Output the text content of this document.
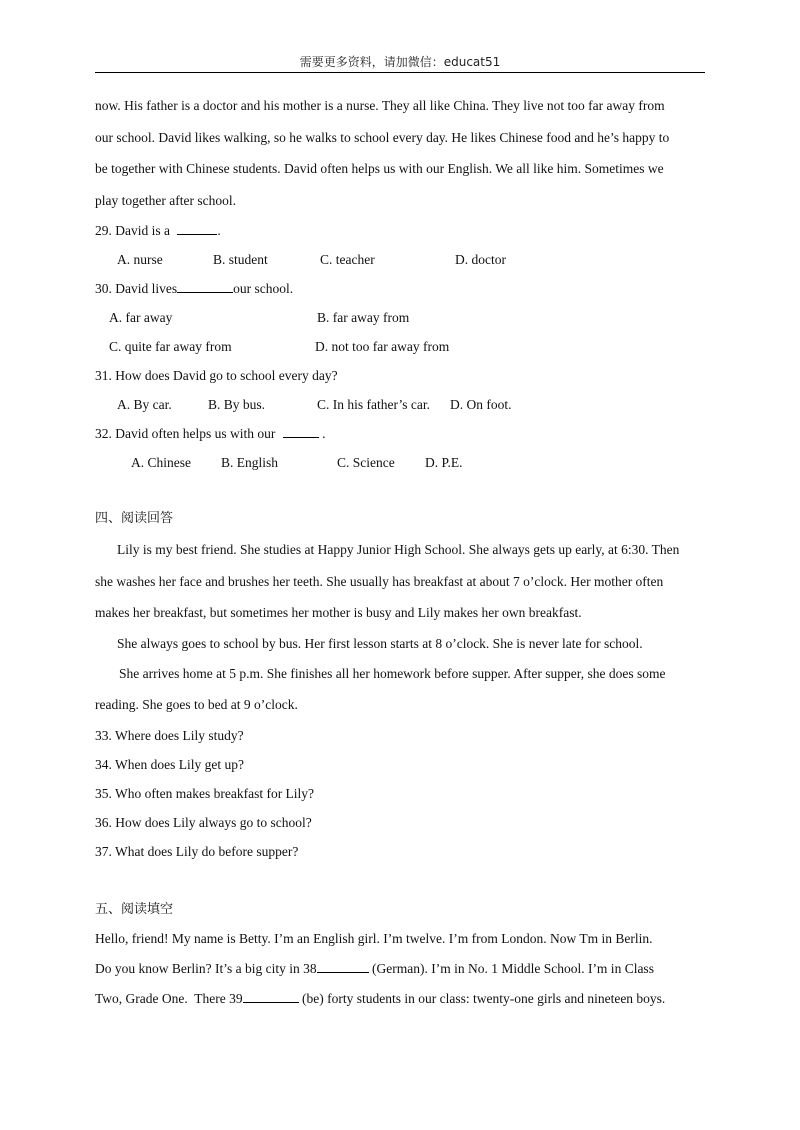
需要更多资料，请加微信：educat51

now. His father is a doctor and his mother is a nurse. They all like China. They live not too far away from

our school. David likes walking, so he walks to school every day. He likes Chinese food and he’s happy to

be together with Chinese students. David often helps us with our English. We all like him. Sometimes we

play together after school.

29. David is a	.

A. nurse	B. student	C. teacher	D. doctor

30. David lives	our school.

A. far away	B. far away from
C. quite far away from	D. not too far away from

31. How does David go to school every day?

A. By car.	B. By bus.	C. In his father’s car. D. On foot.

32. David often helps us with our	.

A. Chinese B. English	C. Science D. P.E.

四、阅读回答

Lily is my best friend. She studies at Happy Junior High School. She always gets up early, at 6:30. Then

she washes her face and brushes her teeth. She usually has breakfast at about 7 o’clock. Her mother often

makes her breakfast, but sometimes her mother is busy and Lily makes her own breakfast.

She always goes to school by bus. Her first lesson starts at 8 o’clock. She is never late for school.

She arrives home at 5 p.m. She finishes all her homework before supper. After supper, she does some

reading. She goes to bed at 9 o’clock.

33. Where does Lily study?

34. When does Lily get up?

35. Who often makes breakfast for Lily?

36. How does Lily always go to school?

37. What does Lily do before supper?

五、阅读填空

Hello, friend! My name is Betty. I’m an English girl. I’m twelve. I’m from London. Now Tm in Berlin.

Do you know Berlin? It’s a big city in 38	(German). I’m in No. 1 Middle School. I’m in Class

Two, Grade One.  There 39	(be) forty students in our class: twenty-one girls and nineteen boys.
